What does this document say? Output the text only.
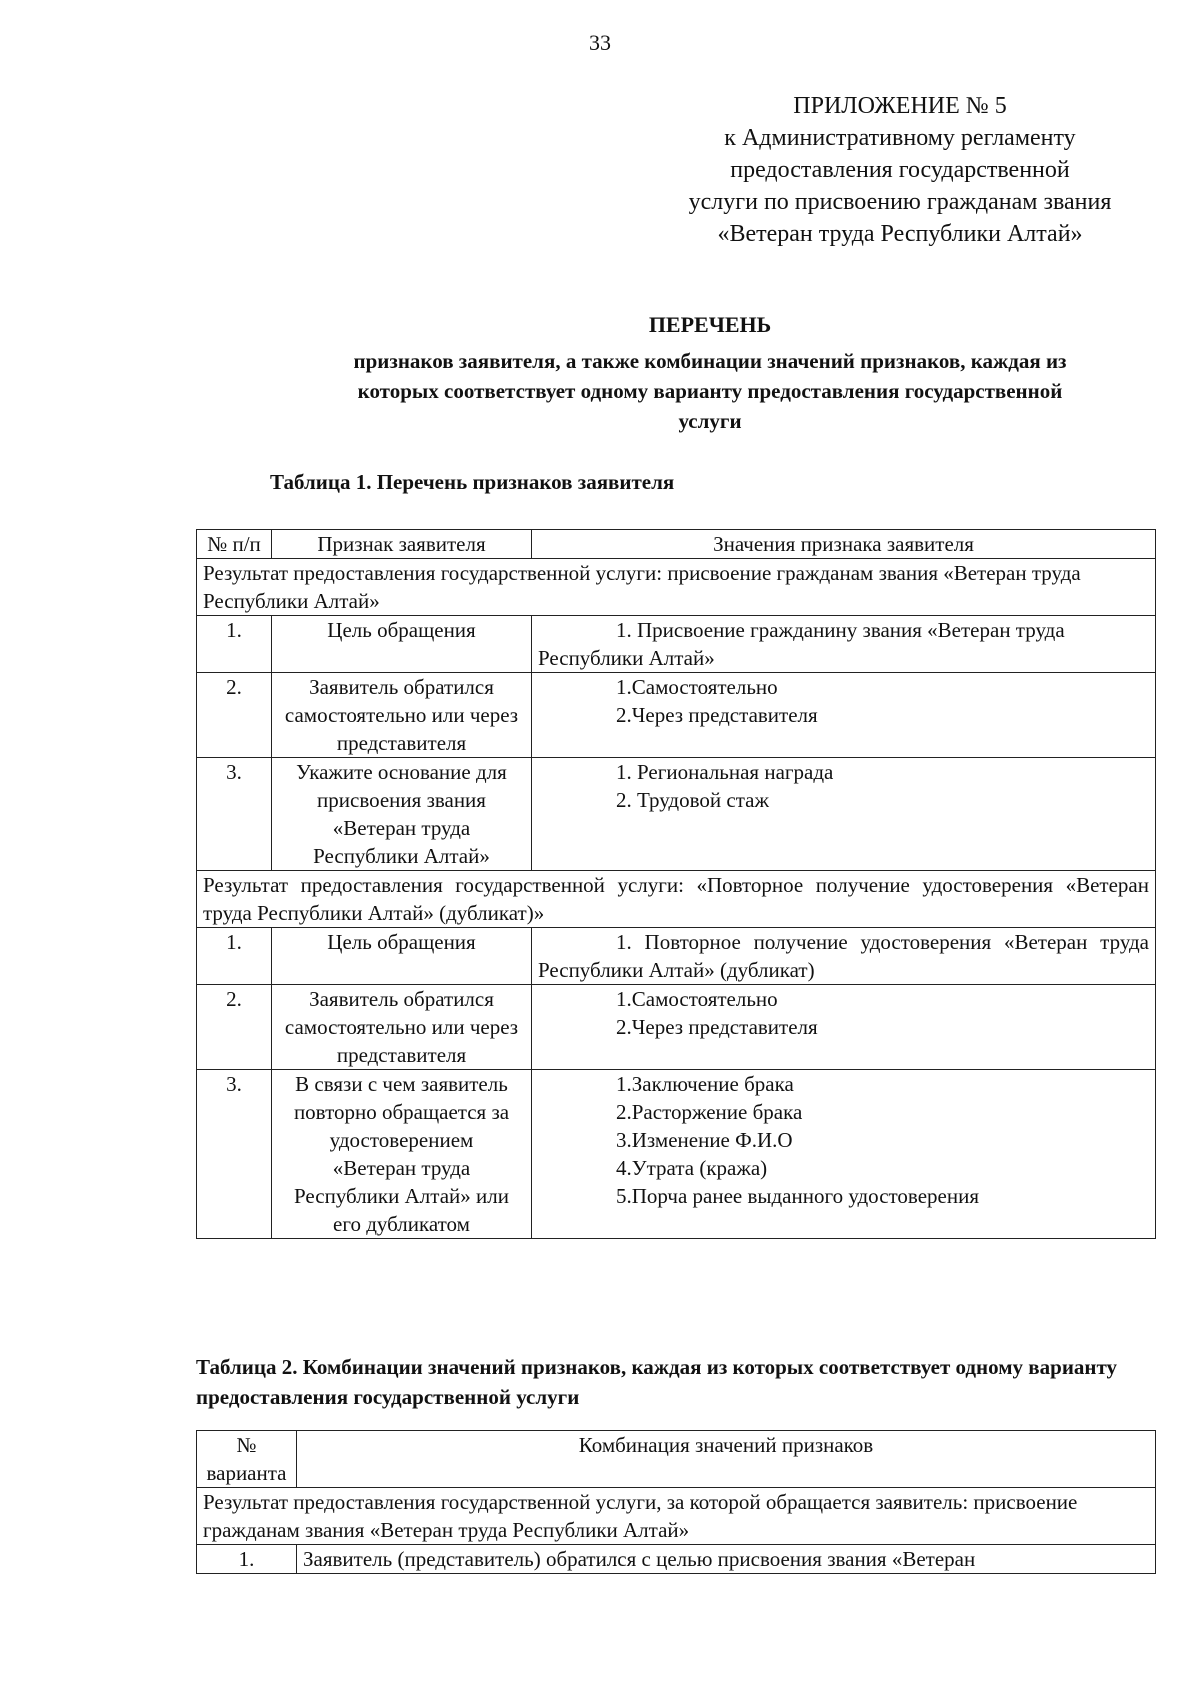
33
ПРИЛОЖЕНИЕ № 5
к Административному регламенту
предоставления государственной
услуги по присвоению гражданам звания
«Ветеран труда Республики Алтай»
ПЕРЕЧЕНЬ
признаков заявителя, а также комбинации значений признаков, каждая из
которых соответствует одному варианту предоставления государственной
услуги
Таблица 1. Перечень признаков заявителя
№ п/п	Признак заявителя	Значения признака заявителя
Результат предоставления государственной услуги: присвоение гражданам звания «Ветеран труда Республики Алтай»		
1.	Цель обращения	1. Присвоение гражданину звания «Ветеран труда Республики Алтай»
2.	Заявитель обратился самостоятельно или через представителя	1.Самостоятельно
2.Через представителя

3.	Укажите основание для присвоения звания «Ветеран труда Республики Алтай»	1. Региональная награда
2. Трудовой стаж

Результат предоставления государственной услуги: «Повторное получение удостоверения «Ветеран труда Республики Алтай» (дубликат)»		
1.	Цель обращения	1. Повторное получение удостоверения «Ветеран труда Республики Алтай» (дубликат)
2.	Заявитель обратился самостоятельно или через представителя	1.Самостоятельно
2.Через представителя

3.	В связи с чем заявитель повторно обращается за удостоверением «Ветеран труда Республики Алтай» или его дубликатом	1.Заключение брака
2.Расторжение брака
3.Изменение Ф.И.О
4.Утрата (кража)
5.Порча ранее выданного удостоверения
Таблица 2. Комбинации значений признаков, каждая из которых соответствует одному варианту предоставления государственной услуги
№ варианта	Комбинация значений признаков
Результат предоставления государственной услуги, за которой обращается заявитель: присвоение гражданам звания «Ветеран труда Республики Алтай»	
1.	Заявитель (представитель) обратился с целью присвоения звания «Ветеран
